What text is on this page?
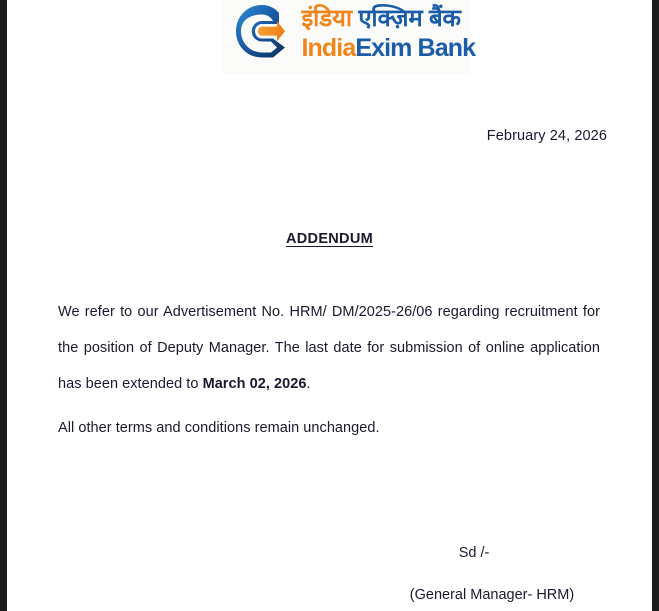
इंडिया एक्ज़िम बैंक
IndiaExim Bank
February 24, 2026
ADDENDUM

We refer to our Advertisement No. HRM/ DM/2025-26/06 regarding recruitment for the position of Deputy Manager. The last date for submission of online application has been extended to March 02, 2026.

All other terms and conditions remain unchanged.

Sd /-
(General Manager- HRM)
